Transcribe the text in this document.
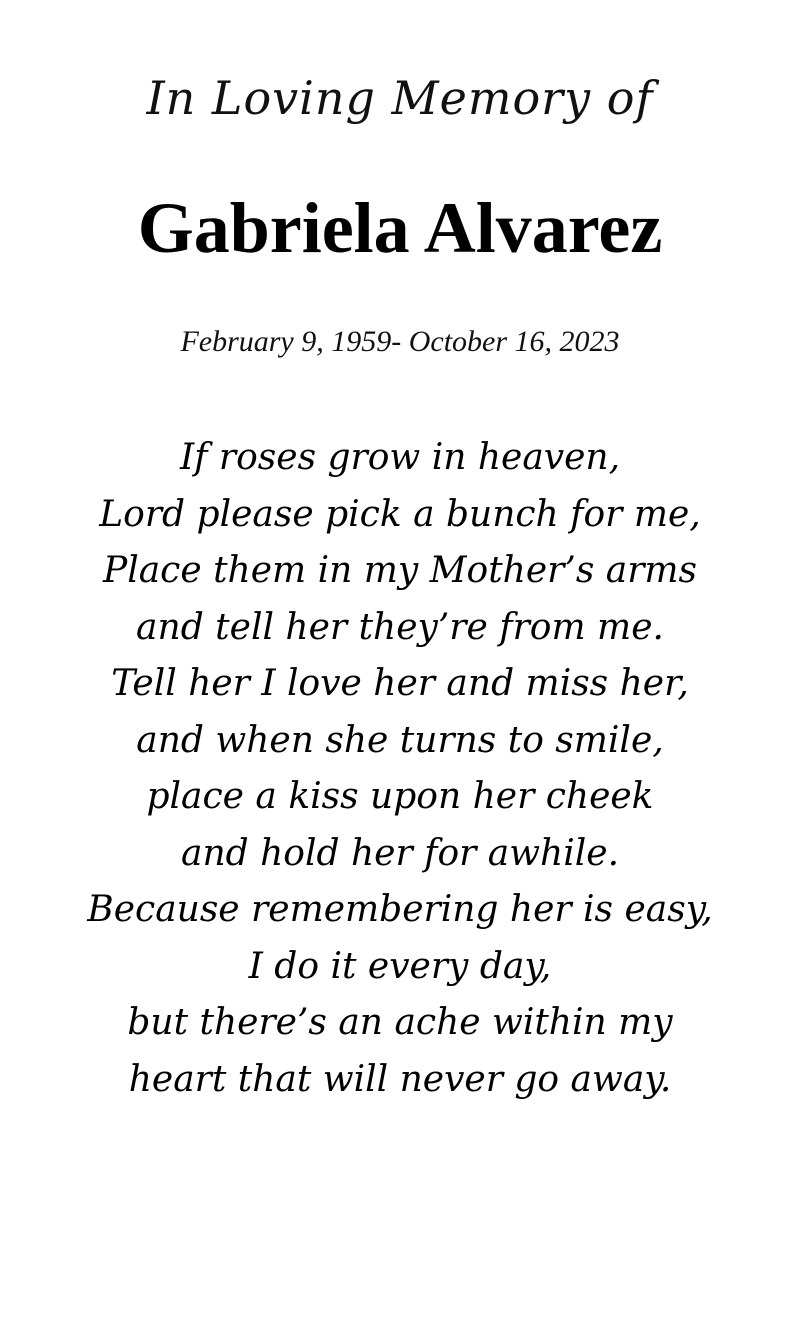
In Loving Memory of
Gabriela Alvarez
February 9, 1959- October 16, 2023
If roses grow in heaven,
Lord please pick a bunch for me,
Place them in my Mother’s arms
and tell her they’re from me.
Tell her I love her and miss her,
and when she turns to smile,
place a kiss upon her cheek
and hold her for awhile.
Because remembering her is easy,
I do it every day,
but there’s an ache within my
heart that will never go away.
